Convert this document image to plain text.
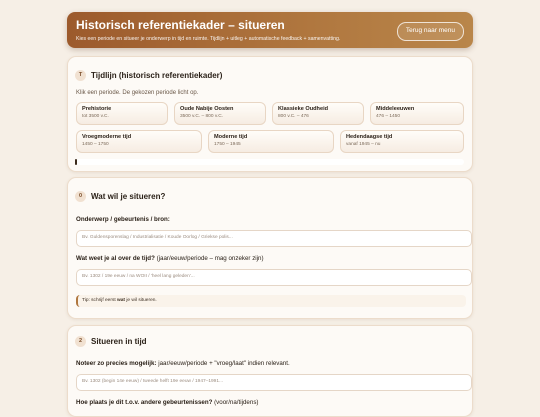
Historisch referentiekader – situeren
Kies een periode en situeer je onderwerp in tijd en ruimte. Tijdlijn + uitleg + automatische feedback + samenvatting.
Terug naar menu
T	Tijdlijn (historisch referentiekader)
Klik een periode. De gekozen periode licht op.
Prehistorie
tot 3500 v.C.
Oude Nabije Oosten
3500 v.C. – 800 v.C.
Klassieke Oudheid
800 v.C. – 476
Middeleeuwen
476 – 1450
Vroegmoderne tijd
1450 – 1750
Moderne tijd
1750 – 1945
Hedendaagse tijd
vanaf 1945 – nu
0	Wat wil je situeren?
Onderwerp / gebeurtenis / bron:
Bv. Guldensporenslag / Industrialisatie / Koude Oorlog / Griekse polis...
Wat weet je al over de tijd? (jaar/eeuw/periode – mag onzeker zijn)
Bv. 1302 / 19e eeuw / na WOII / 'heel lang geleden'...
Tip: schrijf eerst wat je wil situeren.
2	Situeren in tijd
Noteer zo precies mogelijk: jaar/eeuw/periode + "vroeg/laat" indien relevant.
Bv. 1302 (begin 14e eeuw) / tweede helft 19e eeuw / 1947–1991...
Hoe plaats je dit t.o.v. andere gebeurtenissen? (voor/na/tijdens)
